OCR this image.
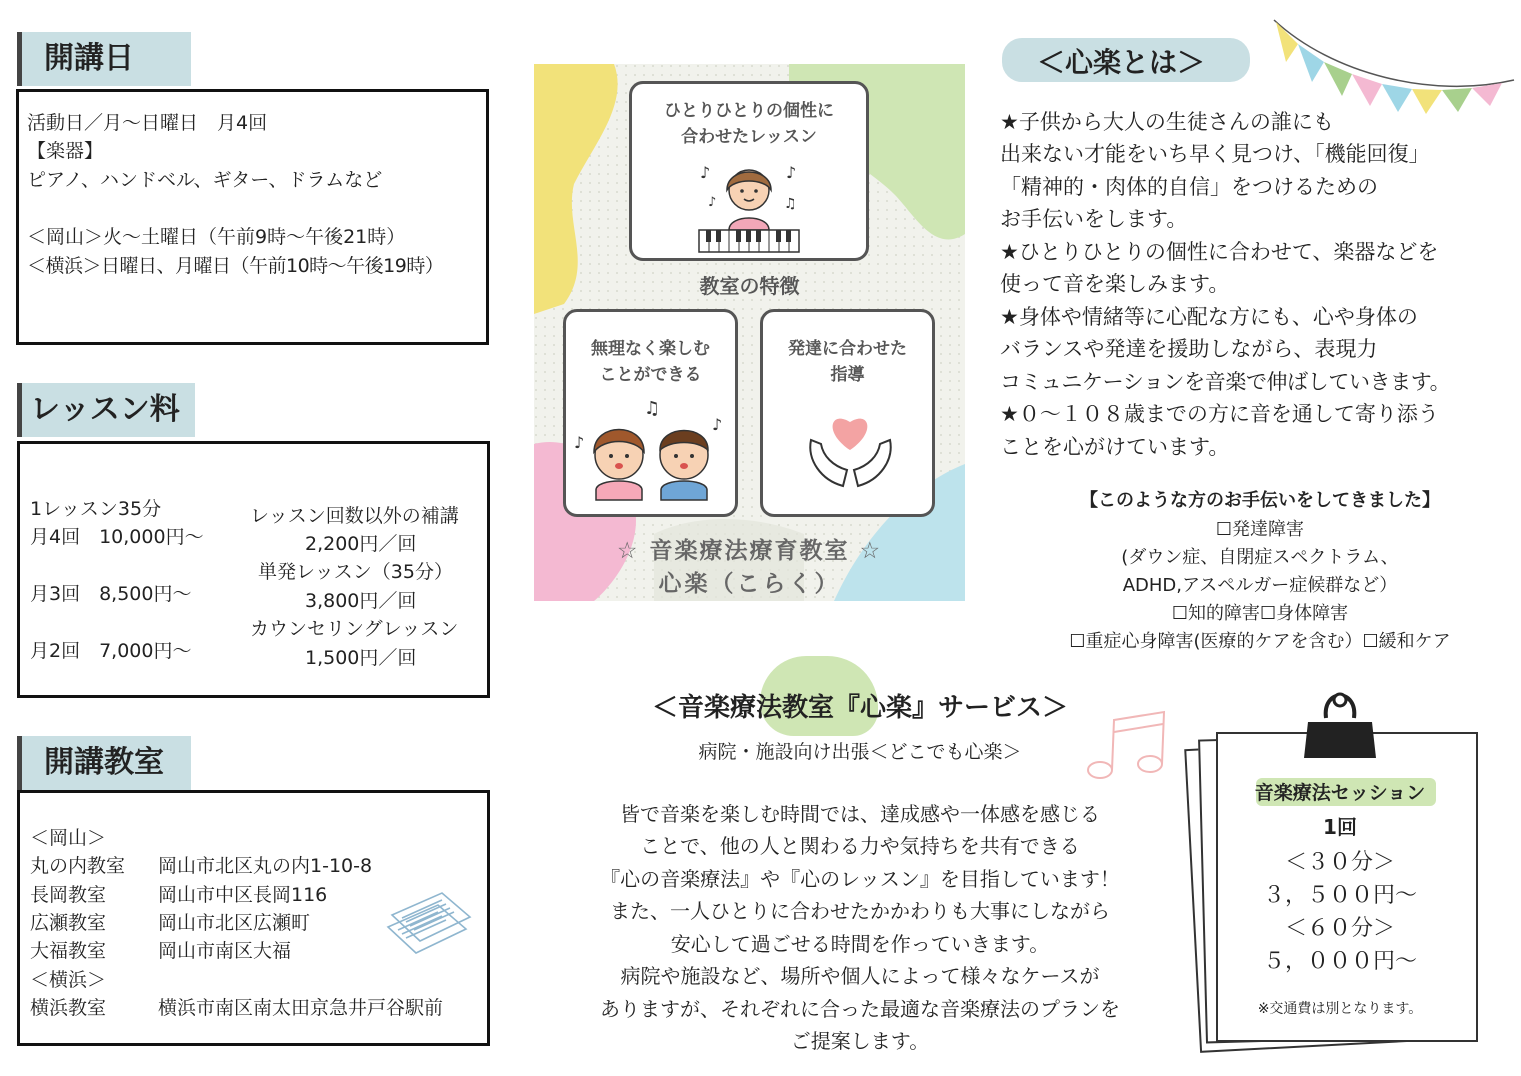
開講日
活動日／月～日曜日　月4回
【楽器】
ピアノ、ハンドベル、ギター、ドラムなど
＜岡山＞火～土曜日（午前9時～午後21時）
＜横浜＞日曜日、月曜日（午前10時～午後19時）
レッスン料
1レッスン35分
月4回　10,000円～
月3回　8,500円～
月2回　7,000円～
レッスン回数以外の補講
2,200円／回
単発レッスン（35分）
3,800円／回
カウンセリングレッスン
1,500円／回
開講教室
＜岡山＞
丸の内教室 岡山市北区丸の内1-10-8
長岡教室	岡山市中区長岡116
広瀬教室	岡山市北区広瀬町
大福教室	岡山市南区大福
＜横浜＞
横浜教室	横浜市南区南太田京急井戸谷駅前
ひとりひとりの個性に
合わせたレッスン
♪	♪
♪	♫
教室の特徴
無理なく楽しむ
ことができる
♪
♫
♪
発達に合わせた
指導
☆ 音楽療法療育教室 ☆
心楽（こらく）
＜心楽とは＞
★子供から大人の生徒さんの誰にも
出来ない才能をいち早く見つけ、「機能回復」
「精神的・肉体的自信」をつけるための
お手伝いをします。
★ひとりひとりの個性に合わせて、楽器などを
使って音を楽しみます。
★身体や情緒等に心配な方にも、心や身体の
バランスや発達を援助しながら、表現力
コミュニケーションを音楽で伸ばしていきます。
★０～１０８歳までの方に音を通して寄り添う
ことを心がけています。
【このような方のお手伝いをしてきました】
☐発達障害
(ダウン症、自閉症スペクトラム、
ADHD,アスペルガー症候群など）
☐知的障害☐身体障害
☐重症心身障害(医療的ケアを含む）☐緩和ケア
＜音楽療法教室『心楽』サービス＞
病院・施設向け出張＜どこでも心楽＞
皆で音楽を楽しむ時間では、達成感や一体感を感じる
ことで、他の人と関わる力や気持ちを共有できる
『心の音楽療法』や『心のレッスン』を目指しています！
また、一人ひとりに合わせたかかわりも大事にしながら
安心して過ごせる時間を作っていきます。
病院や施設など、場所や個人によって様々なケースが
ありますが、それぞれに合った最適な音楽療法のプランを
ご提案します。
音楽療法セッション
1回
＜３０分＞
３，５００円～
＜６０分＞
５，０００円～
※交通費は別となります。
